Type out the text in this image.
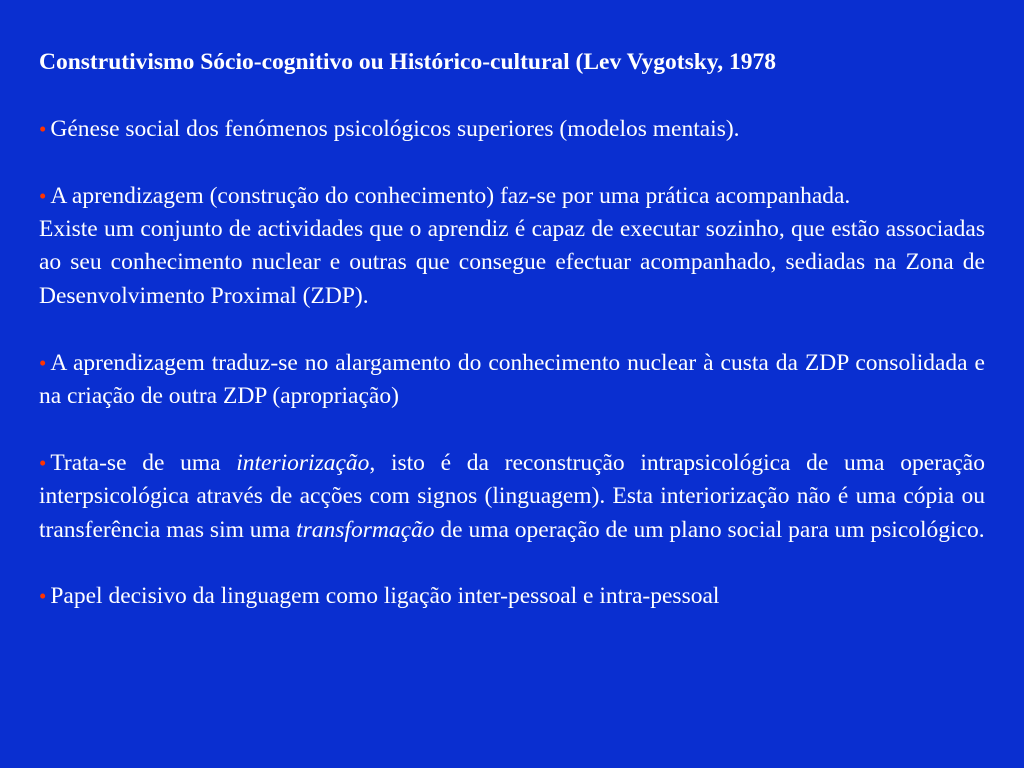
Construtivismo Sócio-cognitivo ou Histórico-cultural (Lev Vygotsky, 1978

• Génese social dos fenómenos psicológicos superiores (modelos mentais).

• A aprendizagem (construção do conhecimento) faz-se por uma prática acompanhada.

Existe um conjunto de actividades que o aprendiz é capaz de executar sozinho, que estão associadas ao seu conhecimento nuclear e outras que consegue efectuar acompanhado, sediadas na Zona de Desenvolvimento Proximal (ZDP).

• A aprendizagem traduz-se no alargamento do conhecimento nuclear à custa da ZDP consolidada e na criação de outra ZDP (apropriação)

• Trata-se de uma interiorização, isto é da reconstrução intrapsicológica de uma operação interpsicológica através de acções com signos (linguagem). Esta interiorização não é uma cópia ou transferência mas sim uma transformação de uma operação de um plano social para um psicológico.

• Papel decisivo da linguagem como ligação inter-pessoal e intra-pessoal
